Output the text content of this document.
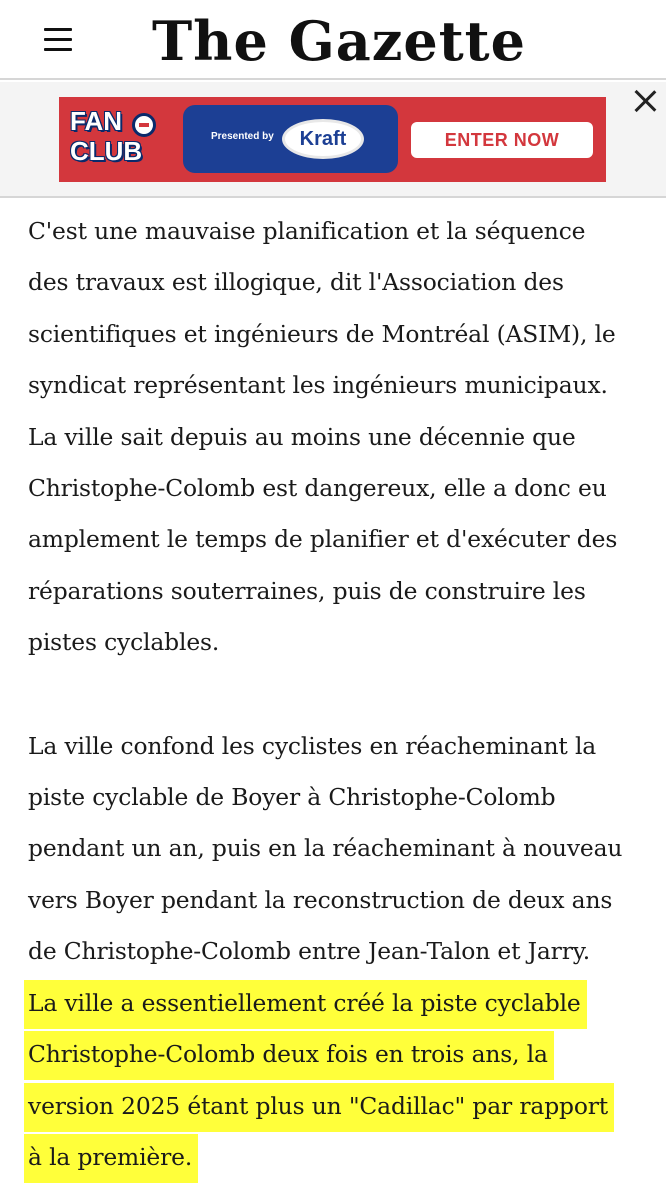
The Gazette
FAN
CLUB	Presented by	Kraft	ENTER NOW
C'est une mauvaise planification et la séquence
des travaux est illogique, dit l'Association des
scientifiques et ingénieurs de Montréal (ASIM), le
syndicat représentant les ingénieurs municipaux.
La ville sait depuis au moins une décennie que
Christophe-Colomb est dangereux, elle a donc eu
amplement le temps de planifier et d'exécuter des
réparations souterraines, puis de construire les
pistes cyclables.
La ville confond les cyclistes en réacheminant la
piste cyclable de Boyer à Christophe-Colomb
pendant un an, puis en la réacheminant à nouveau
vers Boyer pendant la reconstruction de deux ans
de Christophe-Colomb entre Jean-Talon et Jarry.
La ville a essentiellement créé la piste cyclable
Christophe-Colomb deux fois en trois ans, la
version 2025 étant plus un "Cadillac" par rapport
à la première.
